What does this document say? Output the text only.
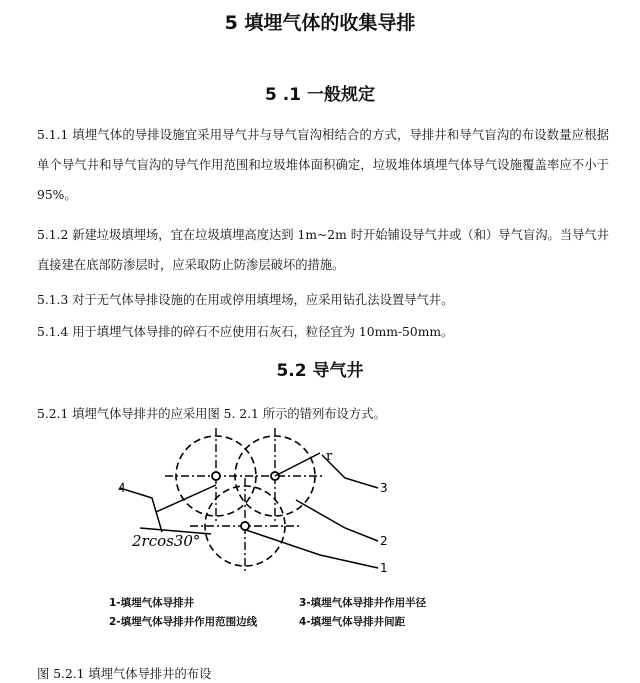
5 填埋气体的收集导排
5 .1 一般规定
5.1.1 填埋气体的导排设施宜采用导气井与导气盲沟相结合的方式，导排井和导气盲沟的布设数量应根据单个导气井和导气盲沟的导气作用范围和垃圾堆体面积确定，垃圾堆体填埋气体导气设施覆盖率应不小于 95%。
5.1.2 新建垃圾填埋场，宜在垃圾填埋高度达到 1m~2m 时开始铺设导气井或（和）导气盲沟。当导气井直接建在底部防渗层时，应采取防止防渗层破坏的措施。
5.1.3 对于无气体导排设施的在用或停用填埋场，应采用钻孔法设置导气井。
5.1.4 用于填埋气体导排的碎石不应使用石灰石，粒径宜为 10mm-50mm。
5.2 导气井
5.2.1 填埋气体导排井的应采用图 5. 2.1 所示的错列布设方式。
r
3
2
1
4
2rcos30°
1-填埋气体导排井	3-填埋气体导排井作用半径
2-填埋气体导排井作用范围边线	4-填埋气体导排井间距
图 5.2.1 填埋气体导排井的布设
